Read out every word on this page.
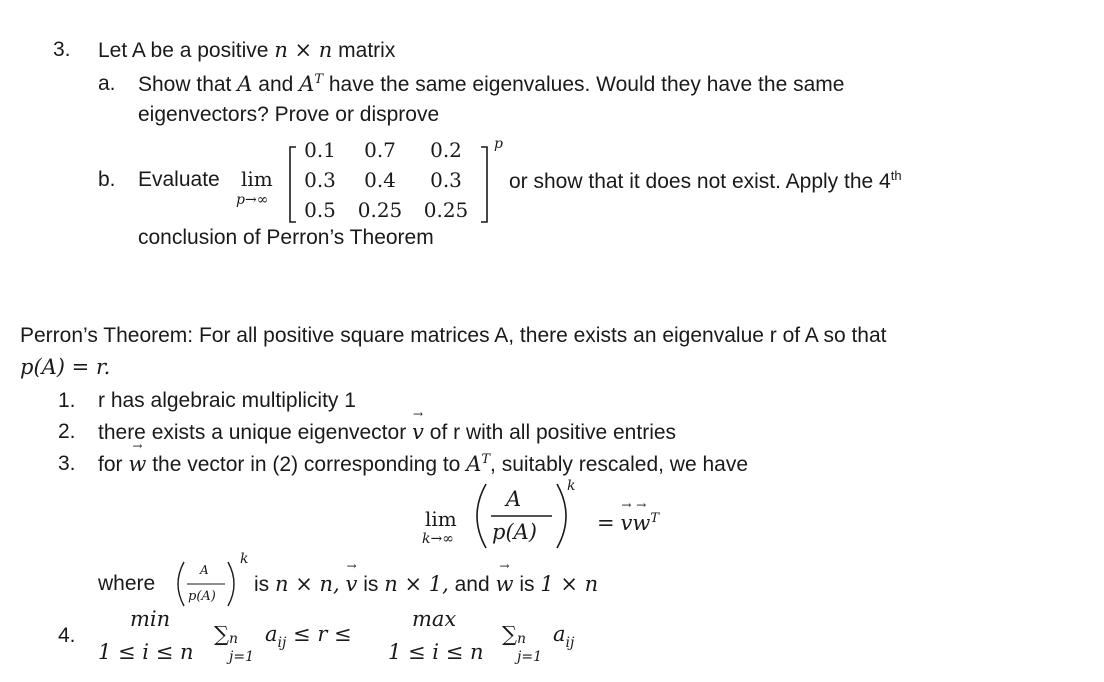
3. Let A be a positive n × n matrix
a. Show that A and $A^T$ have the same eigenvalues. Would they have the same
eigenvectors? Prove or disprove
b. Evaluate lim
p→∞
0.1	0.7	0.2
0.3	0.4	0.3
0.5	0.25 0.25
p
or show that it does not exist. Apply the 4th
conclusion of Perron’s Theorem
Perron’s Theorem: For all positive square matrices A, there exists an eigenvalue r of A so that
p(A) = r.
1. r has algebraic multiplicity 1
2. there exists a unique eigenvector → v of r with all positive entries
3. for → w the vector in (2) corresponding to $A^T$, suitably rescaled, we have
lim
k→∞
A
p(A)
k
= → $v\to w^T$
where
A
p(A)
k
is n × n, → v is n × 1, and → w is 1 × n
4.
min
1 ≤ i ≤ n
∑ n
j=1
$a_{ij} \le r$ ≤
max
1 ≤ i ≤ n
∑ n
j=1
$a_{ij}$
